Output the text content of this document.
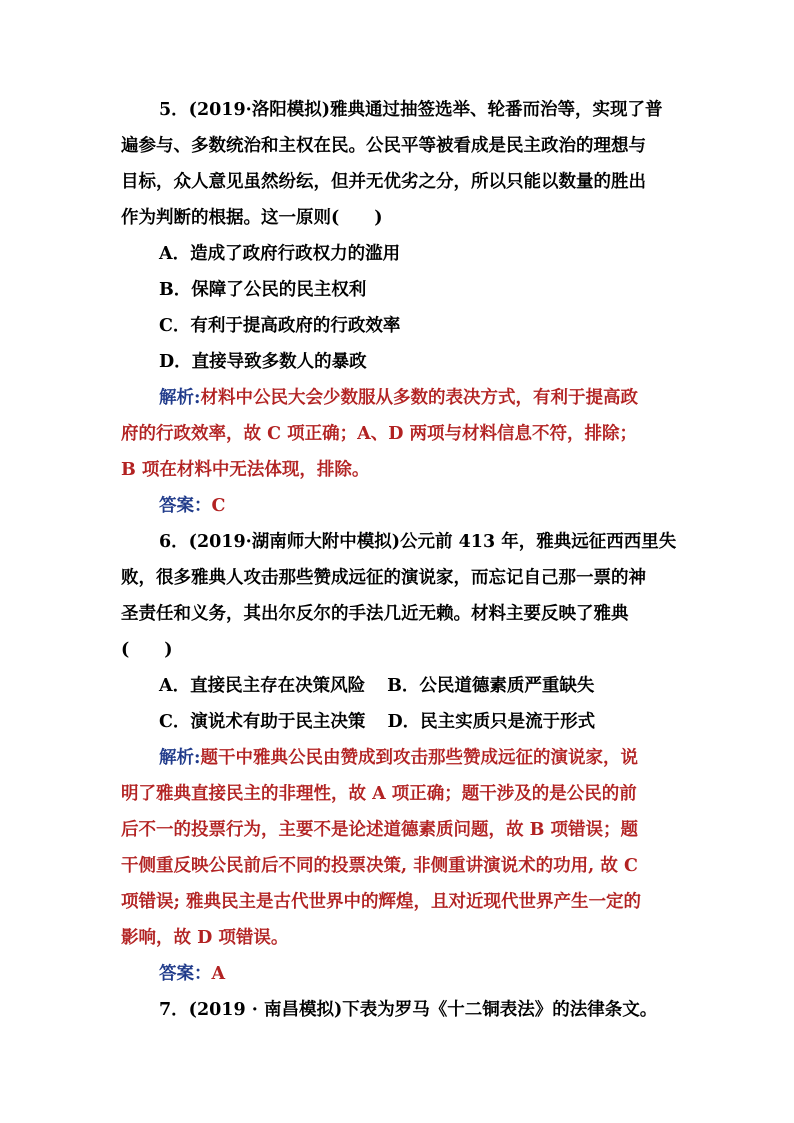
5．(2019·洛阳模拟)雅典通过抽签选举、轮番而治等，实现了普
遍参与、多数统治和主权在民。公民平等被看成是民主政治的理想与
目标，众人意见虽然纷纭，但并无优劣之分，所以只能以数量的胜出
作为判断的根据。这一原则(　　)
A．造成了政府行政权力的滥用
B．保障了公民的民主权利
C．有利于提高政府的行政效率
D．直接导致多数人的暴政
解析:材料中公民大会少数服从多数的表决方式，有利于提高政
府的行政效率，故 C 项正确；A、D 两项与材料信息不符，排除；
B 项在材料中无法体现，排除。
答案：C
6．(2019·湖南师大附中模拟)公元前 413 年，雅典远征西西里失
败，很多雅典人攻击那些赞成远征的演说家，而忘记自己那一票的神
圣责任和义务，其出尔反尔的手法几近无赖。材料主要反映了雅典
(　　)
A．直接民主存在决策风险 B．公民道德素质严重缺失
C．演说术有助于民主决策 D．民主实质只是流于形式
解析:题干中雅典公民由赞成到攻击那些赞成远征的演说家，说
明了雅典直接民主的非理性，故 A 项正确；题干涉及的是公民的前
后不一的投票行为，主要不是论述道德素质问题，故 B 项错误；题
干侧重反映公民前后不同的投票决策, 非侧重讲演说术的功用, 故 C
项错误; 雅典民主是古代世界中的辉煌，且对近现代世界产生一定的
影响，故 D 项错误。
答案：A
7．(2019 · 南昌模拟)下表为罗马《十二铜表法》的法律条文。
